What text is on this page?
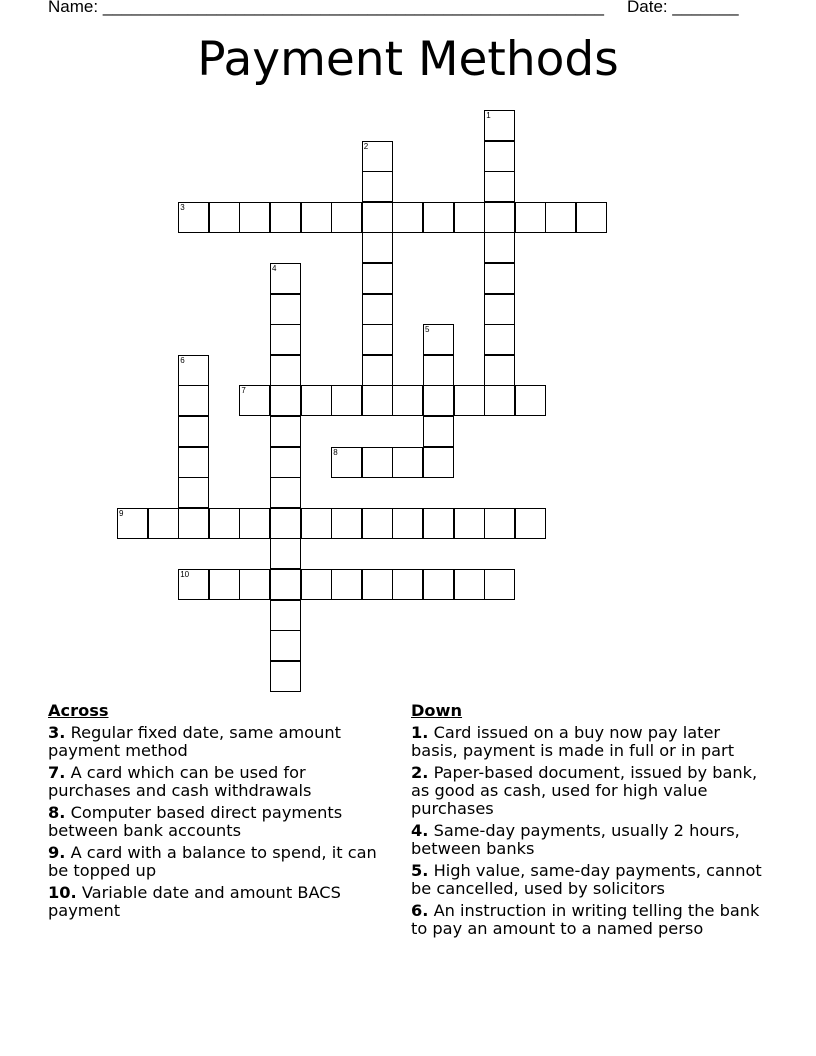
Name: _____________________________________________________ Date: _______
Payment Methods
1
2
3
4
5
6
7
8
9
10
Across
3. Regular fixed date, same amount payment method
7. A card which can be used for purchases and cash withdrawals
8. Computer based direct payments between bank accounts
9. A card with a balance to spend, it can be topped up
10. Variable date and amount BACS payment
Down
1. Card issued on a buy now pay later basis, payment is made in full or in part
2. Paper-based document, issued by bank, as good as cash, used for high value purchases
4. Same-day payments, usually 2 hours, between banks
5. High value, same-day payments, cannot be cancelled, used by solicitors
6. An instruction in writing telling the bank to pay an amount to a named perso
